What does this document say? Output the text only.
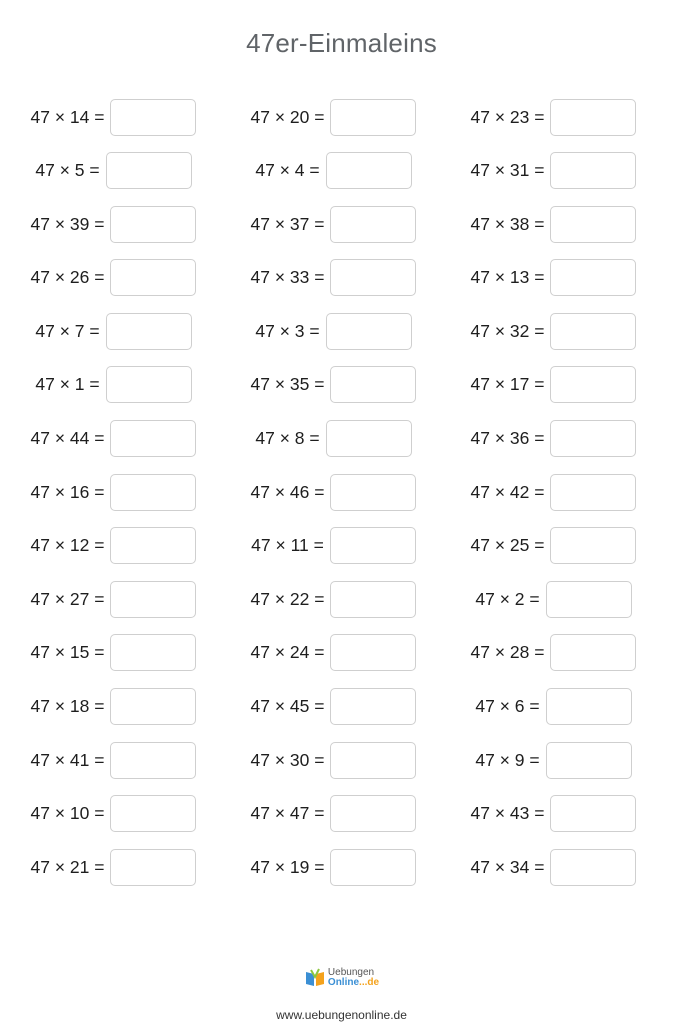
47er-Einmaleins
47 × 14 =	47 × 20 =	47 × 23 =
47 × 5 =	47 × 4 =	47 × 31 =
47 × 39 =	47 × 37 =	47 × 38 =
47 × 26 =	47 × 33 =	47 × 13 =
47 × 7 =	47 × 3 =	47 × 32 =
47 × 1 =	47 × 35 =	47 × 17 =
47 × 44 =	47 × 8 =	47 × 36 =
47 × 16 =	47 × 46 =	47 × 42 =
47 × 12 =	47 × 11 =	47 × 25 =
47 × 27 =	47 × 22 =	47 × 2 =
47 × 15 =	47 × 24 =	47 × 28 =
47 × 18 =	47 × 45 =	47 × 6 =
47 × 41 =	47 × 30 =	47 × 9 =
47 × 10 =	47 × 47 =	47 × 43 =
47 × 21 =	47 × 19 =	47 × 34 =
Uebungen
Online...de
www.uebungenonline.de
